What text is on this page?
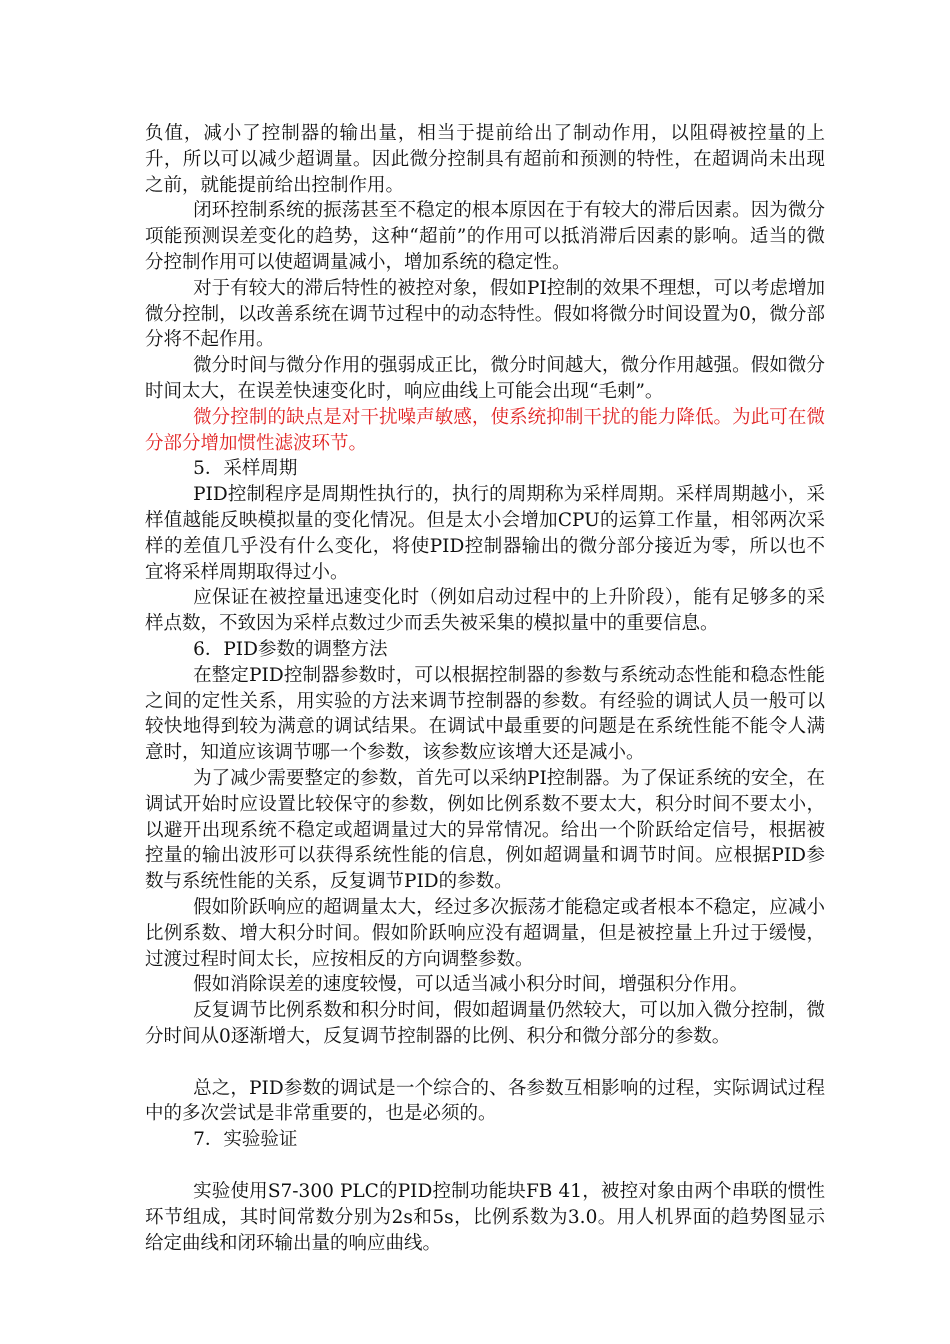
负值，减小了控制器的输出量，相当于提前给出了制动作用，以阻碍被控量的上升，所以可以减少超调量。因此微分控制具有超前和预测的特性，在超调尚未出现之前，就能提前给出控制作用。

闭环控制系统的振荡甚至不稳定的根本原因在于有较大的滞后因素。因为微分项能预测误差变化的趋势，这种“超前”的作用可以抵消滞后因素的影响。适当的微分控制作用可以使超调量减小，增加系统的稳定性。

对于有较大的滞后特性的被控对象，假如PI控制的效果不理想，可以考虑增加微分控制，以改善系统在调节过程中的动态特性。假如将微分时间设置为0，微分部分将不起作用。

微分时间与微分作用的强弱成正比，微分时间越大，微分作用越强。假如微分时间太大，在误差快速变化时，响应曲线上可能会出现“毛刺”。

微分控制的缺点是对干扰噪声敏感，使系统抑制干扰的能力降低。为此可在微分部分增加惯性滤波环节。

5．采样周期

PID控制程序是周期性执行的，执行的周期称为采样周期。采样周期越小，采样值越能反映模拟量的变化情况。但是太小会增加CPU的运算工作量，相邻两次采样的差值几乎没有什么变化，将使PID控制器输出的微分部分接近为零，所以也不宜将采样周期取得过小。

应保证在被控量迅速变化时（例如启动过程中的上升阶段），能有足够多的采样点数，不致因为采样点数过少而丢失被采集的模拟量中的重要信息。

6．PID参数的调整方法

在整定PID控制器参数时，可以根据控制器的参数与系统动态性能和稳态性能之间的定性关系，用实验的方法来调节控制器的参数。有经验的调试人员一般可以较快地得到较为满意的调试结果。在调试中最重要的问题是在系统性能不能令人满意时，知道应该调节哪一个参数，该参数应该增大还是减小。

为了减少需要整定的参数，首先可以采纳PI控制器。为了保证系统的安全，在调试开始时应设置比较保守的参数，例如比例系数不要太大，积分时间不要太小，以避开出现系统不稳定或超调量过大的异常情况。给出一个阶跃给定信号，根据被控量的输出波形可以获得系统性能的信息，例如超调量和调节时间。应根据PID参数与系统性能的关系，反复调节PID的参数。

假如阶跃响应的超调量太大，经过多次振荡才能稳定或者根本不稳定，应减小比例系数、增大积分时间。假如阶跃响应没有超调量，但是被控量上升过于缓慢，过渡过程时间太长，应按相反的方向调整参数。

假如消除误差的速度较慢，可以适当减小积分时间，增强积分作用。

反复调节比例系数和积分时间，假如超调量仍然较大，可以加入微分控制，微分时间从0逐渐增大，反复调节控制器的比例、积分和微分部分的参数。

总之，PID参数的调试是一个综合的、各参数互相影响的过程，实际调试过程中的多次尝试是非常重要的，也是必须的。

7．实验验证

实验使用S7-300 PLC的PID控制功能块FB 41，被控对象由两个串联的惯性环节组成，其时间常数分别为2s和5s，比例系数为3.0。用人机界面的趋势图显示给定曲线和闭环输出量的响应曲线。
